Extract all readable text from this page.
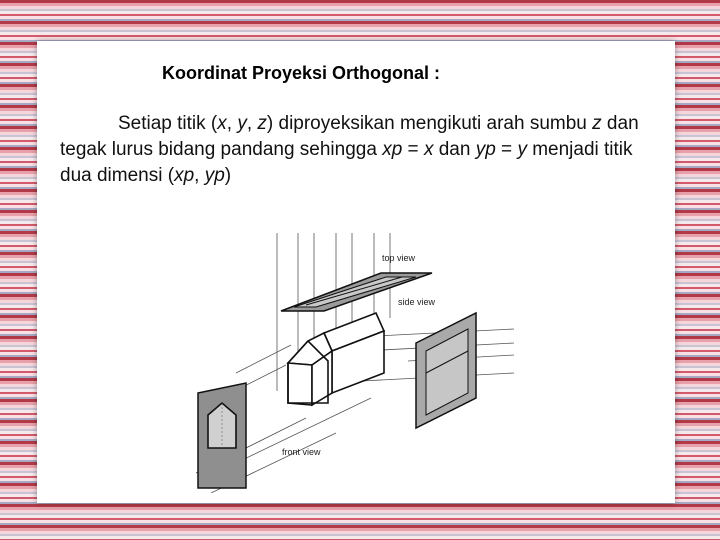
Koordinat Proyeksi Orthogonal :
Setiap titik (x, y, z) diproyeksikan mengikuti arah sumbu z dan tegak lurus bidang pandang sehingga xp = x dan yp = y menjadi titik dua dimensi (xp, yp)
top view
side view
front view
